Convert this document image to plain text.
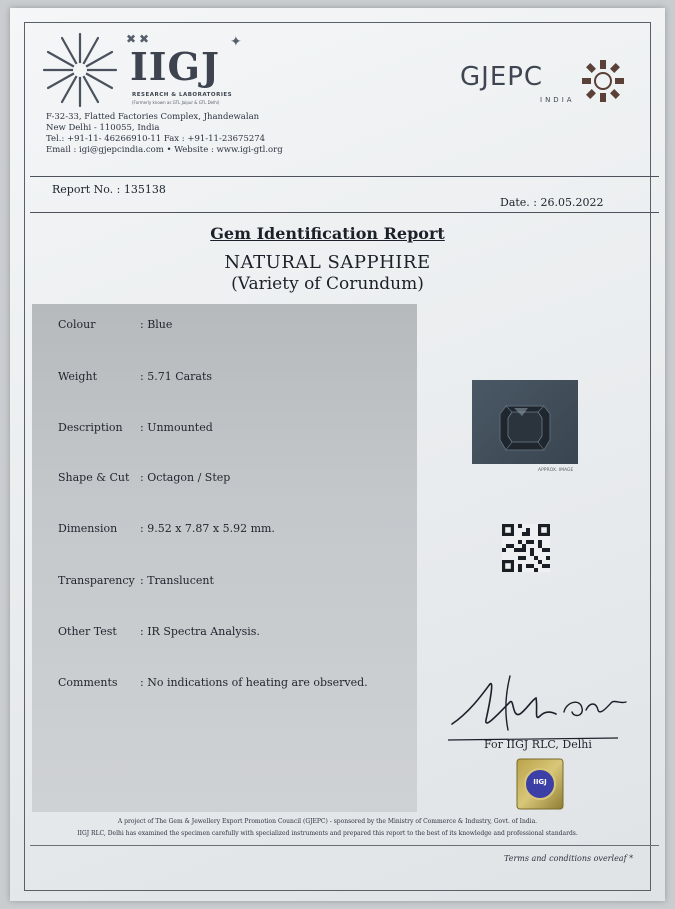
✖✖	✦
IIGJ
RESEARCH & LABORATORIES
(Formerly known as GTL Jaipur & GTL Delhi)
GJEPC
INDIA
F-32-33, Flatted Factories Complex, Jhandewalan
New Delhi - 110055, India
Tel.: +91-11- 46266910-11 Fax : +91-11-23675274
Email : igi@gjepcindia.com • Website : www.igi-gtl.org
Report No. : 135138
Date. : 26.05.2022
Gem Identification Report
NATURAL SAPPHIRE
(Variety of Corundum)
Colour	: Blue
Weight	: 5.71 Carats
Description : Unmounted
Shape & Cut : Octagon / Step
Dimension : 9.52 x 7.87 x 5.92 mm.
Transparency : Translucent
Other Test : IR Spectra Analysis.
Comments : No indications of heating are observed.
APPROX. IMAGE
For IIGJ RLC, Delhi
IIGJ
A project of The Gem & Jewellery Export Promotion Council (GJEPC) - sponsored by the Ministry of Commerce & Industry, Govt. of India.
IIGJ RLC, Delhi has examined the specimen carefully with specialized instruments and prepared this report to the best of its knowledge and professional standards.
Terms and conditions overleaf *
